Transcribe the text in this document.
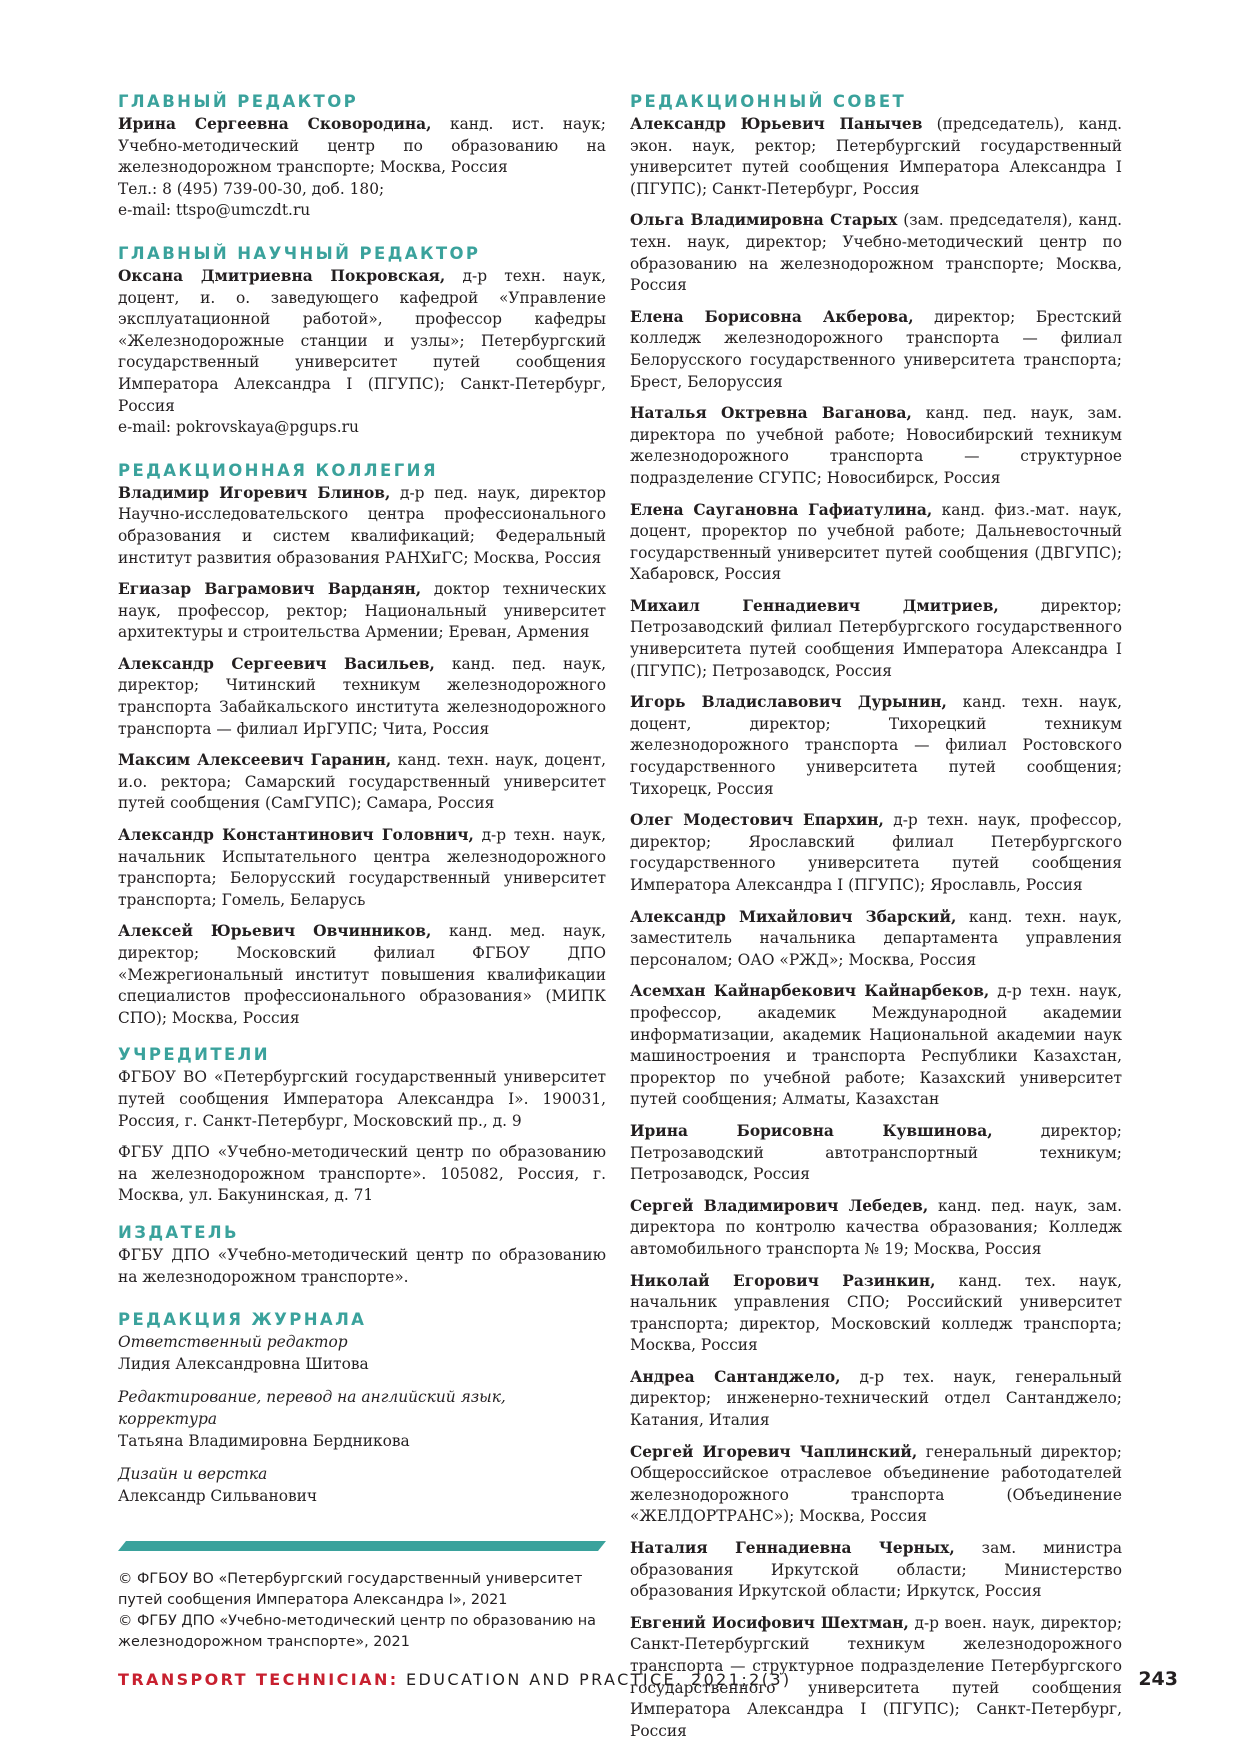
ГЛАВНЫЙ РЕДАКТОР

Ирина Сергеевна Сковородина, канд. ист. наук; Учебно-методический центр по образованию на железнодорожном транспорте; Москва, Россия

Тел.: 8 (495) 739-00-30, доб. 180;

e-mail: ttspo@umczdt.ru

ГЛАВНЫЙ НАУЧНЫЙ РЕДАКТОР

Оксана Дмитриевна Покровская, д-р техн. наук, доцент, и. о. заведующего кафедрой «Управление эксплуатационной работой», профессор кафедры «Железнодорожные станции и узлы»; Петербургский государственный университет путей сообщения Императора Александра I (ПГУПС); Санкт-Петербург, Россия

e-mail: pokrovskaya@pgups.ru

РЕДАКЦИОННАЯ КОЛЛЕГИЯ

Владимир Игоревич Блинов, д-р пед. наук, директор Научно-исследовательского центра профессионального образования и систем квалификаций; Федеральный институт развития образования РАНХиГС; Москва, Россия

Егиазар Ваграмович Варданян, доктор технических наук, профессор, ректор; Национальный университет архитектуры и строительства Армении; Ереван, Армения

Александр Сергеевич Васильев, канд. пед. наук, директор; Читинский техникум железнодорожного транспорта Забайкальского института железнодорожного транспорта — филиал ИрГУПС; Чита, Россия

Максим Алексеевич Гаранин, канд. техн. наук, доцент, и.о. ректора; Самарский государственный университет путей сообщения (СамГУПС); Самара, Россия

Александр Константинович Головнич, д-р техн. наук, начальник Испытательного центра железнодорожного транспорта; Белорусский государственный университет транспорта; Гомель, Беларусь

Алексей Юрьевич Овчинников, канд. мед. наук, директор; Московский филиал ФГБОУ ДПО «Межрегиональный институт повышения квалификации специалистов профессионального образования» (МИПК СПО); Москва, Россия

УЧРЕДИТЕЛИ

ФГБОУ ВО «Петербургский государственный университет путей сообщения Императора Александра I». 190031, Россия, г. Санкт-Петербург, Московский пр., д. 9

ФГБУ ДПО «Учебно-методический центр по образованию на железнодорожном транспорте». 105082, Россия, г. Москва, ул. Бакунинская, д. 71

ИЗДАТЕЛЬ

ФГБУ ДПО «Учебно-методический центр по образованию на железнодорожном транспорте».

РЕДАКЦИЯ ЖУРНАЛА

Ответственный редактор

Лидия Александровна Шитова

Редактирование, перевод на английский язык, корректура

Татьяна Владимировна Бердникова

Дизайн и верстка

Александр Сильванович

© ФГБОУ ВО «Петербургский государственный университет путей сообщения Императора Александра I», 2021

© ФГБУ ДПО «Учебно-методический центр по образованию на железнодорожном транспорте», 2021

РЕДАКЦИОННЫЙ СОВЕТ

Александр Юрьевич Панычев (председатель), канд. экон. наук, ректор; Петербургский государственный университет путей сообщения Императора Александра I (ПГУПС); Санкт-Петербург, Россия

Ольга Владимировна Старых (зам. председателя), канд. техн. наук, директор; Учебно-методический центр по образованию на железнодорожном транспорте; Москва, Россия

Елена Борисовна Акберова, директор; Брестский колледж железнодорожного транспорта — филиал Белорусского государственного университета транспорта; Брест, Белоруссия

Наталья Октревна Ваганова, канд. пед. наук, зам. директора по учебной работе; Новосибирский техникум железнодорожного транспорта — структурное подразделение СГУПС; Новосибирск, Россия

Елена Саугановна Гафиатулина, канд. физ.-мат. наук, доцент, проректор по учебной работе; Дальневосточный государственный университет путей сообщения (ДВГУПС); Хабаровск, Россия

Михаил Геннадиевич Дмитриев, директор; Петрозаводский филиал Петербургского государственного университета путей сообщения Императора Александра I (ПГУПС); Петрозаводск, Россия

Игорь Владиславович Дурынин, канд. техн. наук, доцент, директор; Тихорецкий техникум железнодорожного транспорта — филиал Ростовского государственного университета путей сообщения; Тихорецк, Россия

Олег Модестович Епархин, д-р техн. наук, профессор, директор; Ярославский филиал Петербургского государственного университета путей сообщения Императора Александра I (ПГУПС); Ярославль, Россия

Александр Михайлович Збарский, канд. техн. наук, заместитель начальника департамента управления персоналом; ОАО «РЖД»; Москва, Россия

Асемхан Кайнарбекович Кайнарбеков, д-р техн. наук, профессор, академик Международной академии информатизации, академик Национальной академии наук машиностроения и транспорта Республики Казахстан, проректор по учебной работе; Казахский университет путей сообщения; Алматы, Казахстан

Ирина Борисовна Кувшинова, директор; Петрозаводский автотранспортный техникум; Петрозаводск, Россия

Сергей Владимирович Лебедев, канд. пед. наук, зам. директора по контролю качества образования; Колледж автомобильного транспорта № 19; Москва, Россия

Николай Егорович Разинкин, канд. тех. наук, начальник управления СПО; Российский университет транспорта; директор, Московский колледж транспорта; Москва, Россия

Андреа Сантанджело, д-р тех. наук, генеральный директор; инженерно-технический отдел Сантанджело; Катания, Италия

Сергей Игоревич Чаплинский, генеральный директор; Общероссийское отраслевое объединение работодателей железнодорожного транспорта (Объединение «ЖЕЛДОРТРАНС»); Москва, Россия

Наталия Геннадиевна Черных, зам. министра образования Иркутской области; Министерство образования Иркутской области; Иркутск, Россия

Евгений Иосифович Шехтман, д-р воен. наук, директор; Санкт-Петербургский техникум железнодорожного транспорта — структурное подразделение Петербургского государственного университета путей сообщения Императора Александра I (ПГУПС); Санкт-Петербург, Россия

TRANSPORT TECHNICIAN: EDUCATION AND PRACTICE. 2021;2(3)	243
